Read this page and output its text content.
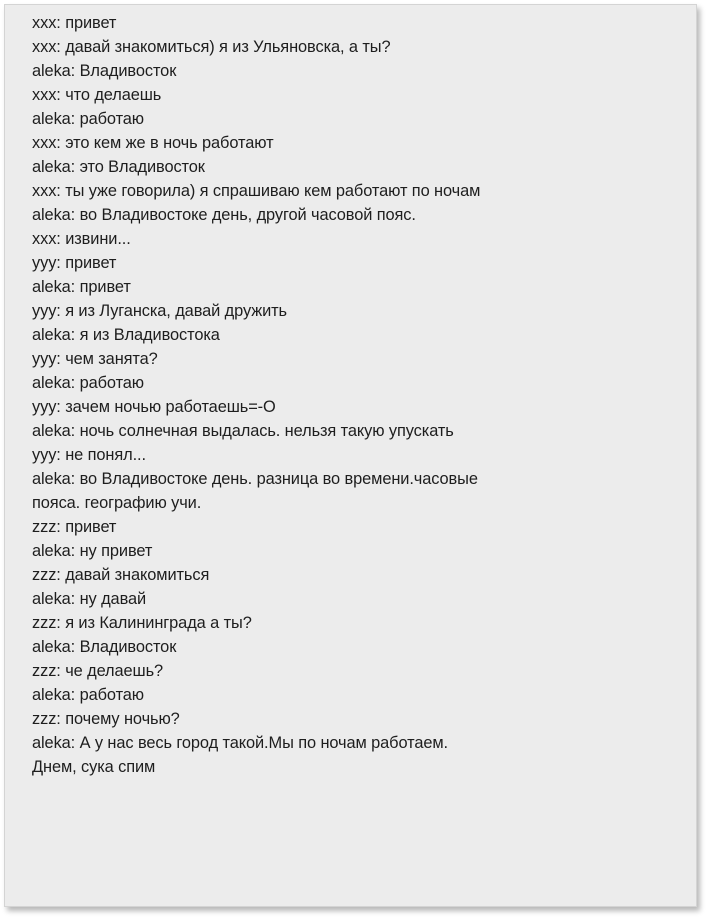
xxx: привет
xxx: давай знакомиться) я из Ульяновска, а ты?
aleka: Владивосток
xxx: что делаешь
aleka: работаю
xxx: это кем же в ночь работают
aleka: это Владивосток
xxx: ты уже говорила) я спрашиваю кем работают по ночам
aleka: во Владивостоке день, другой часовой пояс.
xxx: извини...
yyy: привет
aleka: привет
yyy: я из Луганска, давай дружить
aleka: я из Владивостока
yyy: чем занята?
aleka: работаю
yyy: зачем ночью работаешь=-O
aleka: ночь солнечная выдалась. нельзя такую упускать
yyy: не понял...
aleka: во Владивостоке день. разница во времени.часовые
пояса. географию учи.
zzz: привет
aleka: ну привет
zzz: давай знакомиться
aleka: ну давай
zzz: я из Калининграда а ты?
aleka: Владивосток
zzz: че делаешь?
aleka: работаю
zzz: почему ночью?
aleka: А у нас весь город такой.Мы по ночам работаем.
Днем, сука спим
